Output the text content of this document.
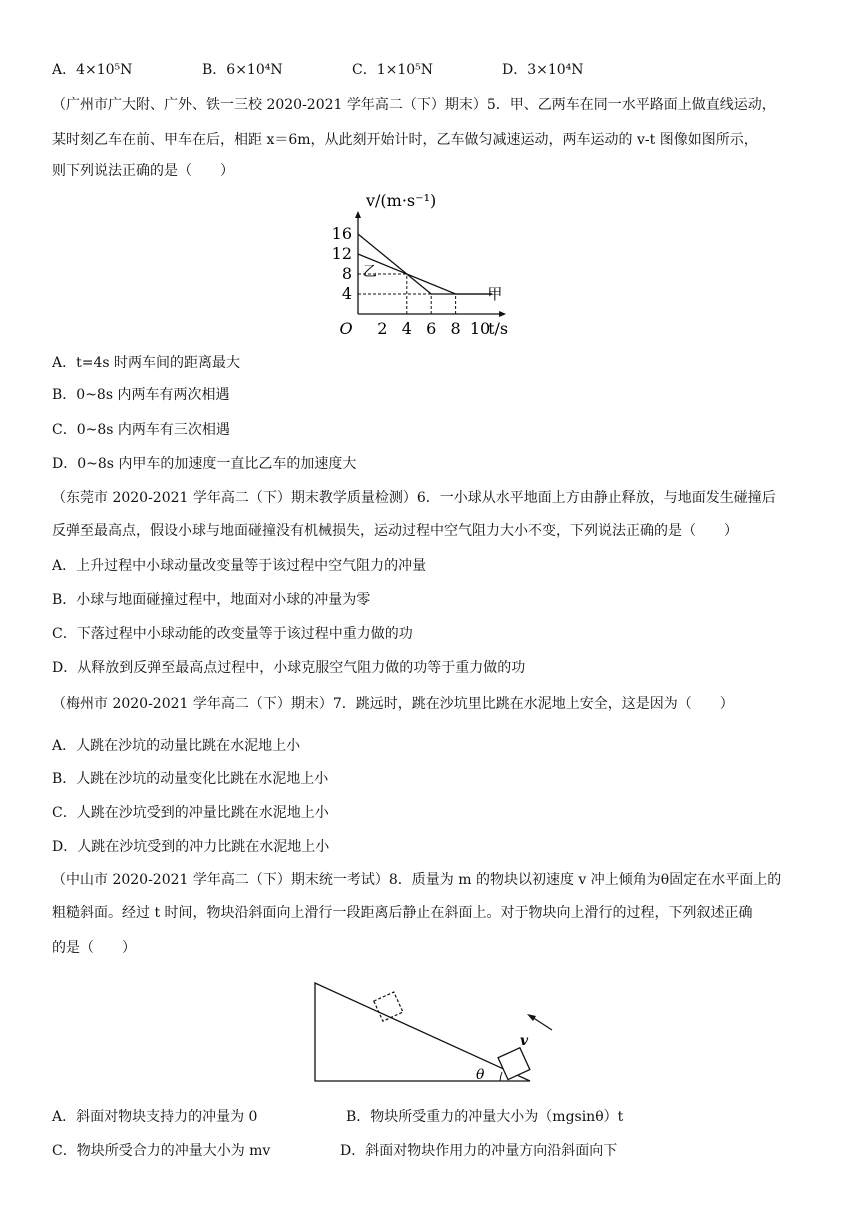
A．4×10⁵N	B．6×10⁴N	C．1×10⁵N	D．3×10⁴N
（广州市广大附、广外、铁一三校 2020-2021 学年高二（下）期末）5．甲、乙两车在同一水平路面上做直线运动，
某时刻乙车在前、甲车在后，相距 x＝6m，从此刻开始计时，乙车做匀减速运动，两车运动的 v-t 图像如图所示，
则下列说法正确的是（　　）
2 4 6 8 10
4
8
12
16
O
v/(m·s⁻¹)
t/s
甲
乙
A．t=4s 时两车间的距离最大
B．0~8s 内两车有两次相遇
C．0~8s 内两车有三次相遇
D．0~8s 内甲车的加速度一直比乙车的加速度大
（东莞市 2020-2021 学年高二（下）期末教学质量检测）6．一小球从水平地面上方由静止释放，与地面发生碰撞后
反弹至最高点，假设小球与地面碰撞没有机械损失，运动过程中空气阻力大小不变，下列说法正确的是（　　）
A．上升过程中小球动量改变量等于该过程中空气阻力的冲量
B．小球与地面碰撞过程中，地面对小球的冲量为零
C．下落过程中小球动能的改变量等于该过程中重力做的功
D．从释放到反弹至最高点过程中，小球克服空气阻力做的功等于重力做的功
（梅州市 2020-2021 学年高二（下）期末）7．跳远时，跳在沙坑里比跳在水泥地上安全，这是因为（　　）
A．人跳在沙坑的动量比跳在水泥地上小
B．人跳在沙坑的动量变化比跳在水泥地上小
C．人跳在沙坑受到的冲量比跳在水泥地上小
D．人跳在沙坑受到的冲力比跳在水泥地上小
（中山市 2020-2021 学年高二（下）期末统一考试）8．质量为 m 的物块以初速度 v 冲上倾角为θ固定在水平面上的
粗糙斜面。经过 t 时间，物块沿斜面向上滑行一段距离后静止在斜面上。对于物块向上滑行的过程，下列叙述正确
的是（　　）
θ
v
A．斜面对物块支持力的冲量为 0	B．物块所受重力的冲量大小为（mgsinθ）t
C．物块所受合力的冲量大小为 mv	D．斜面对物块作用力的冲量方向沿斜面向下
